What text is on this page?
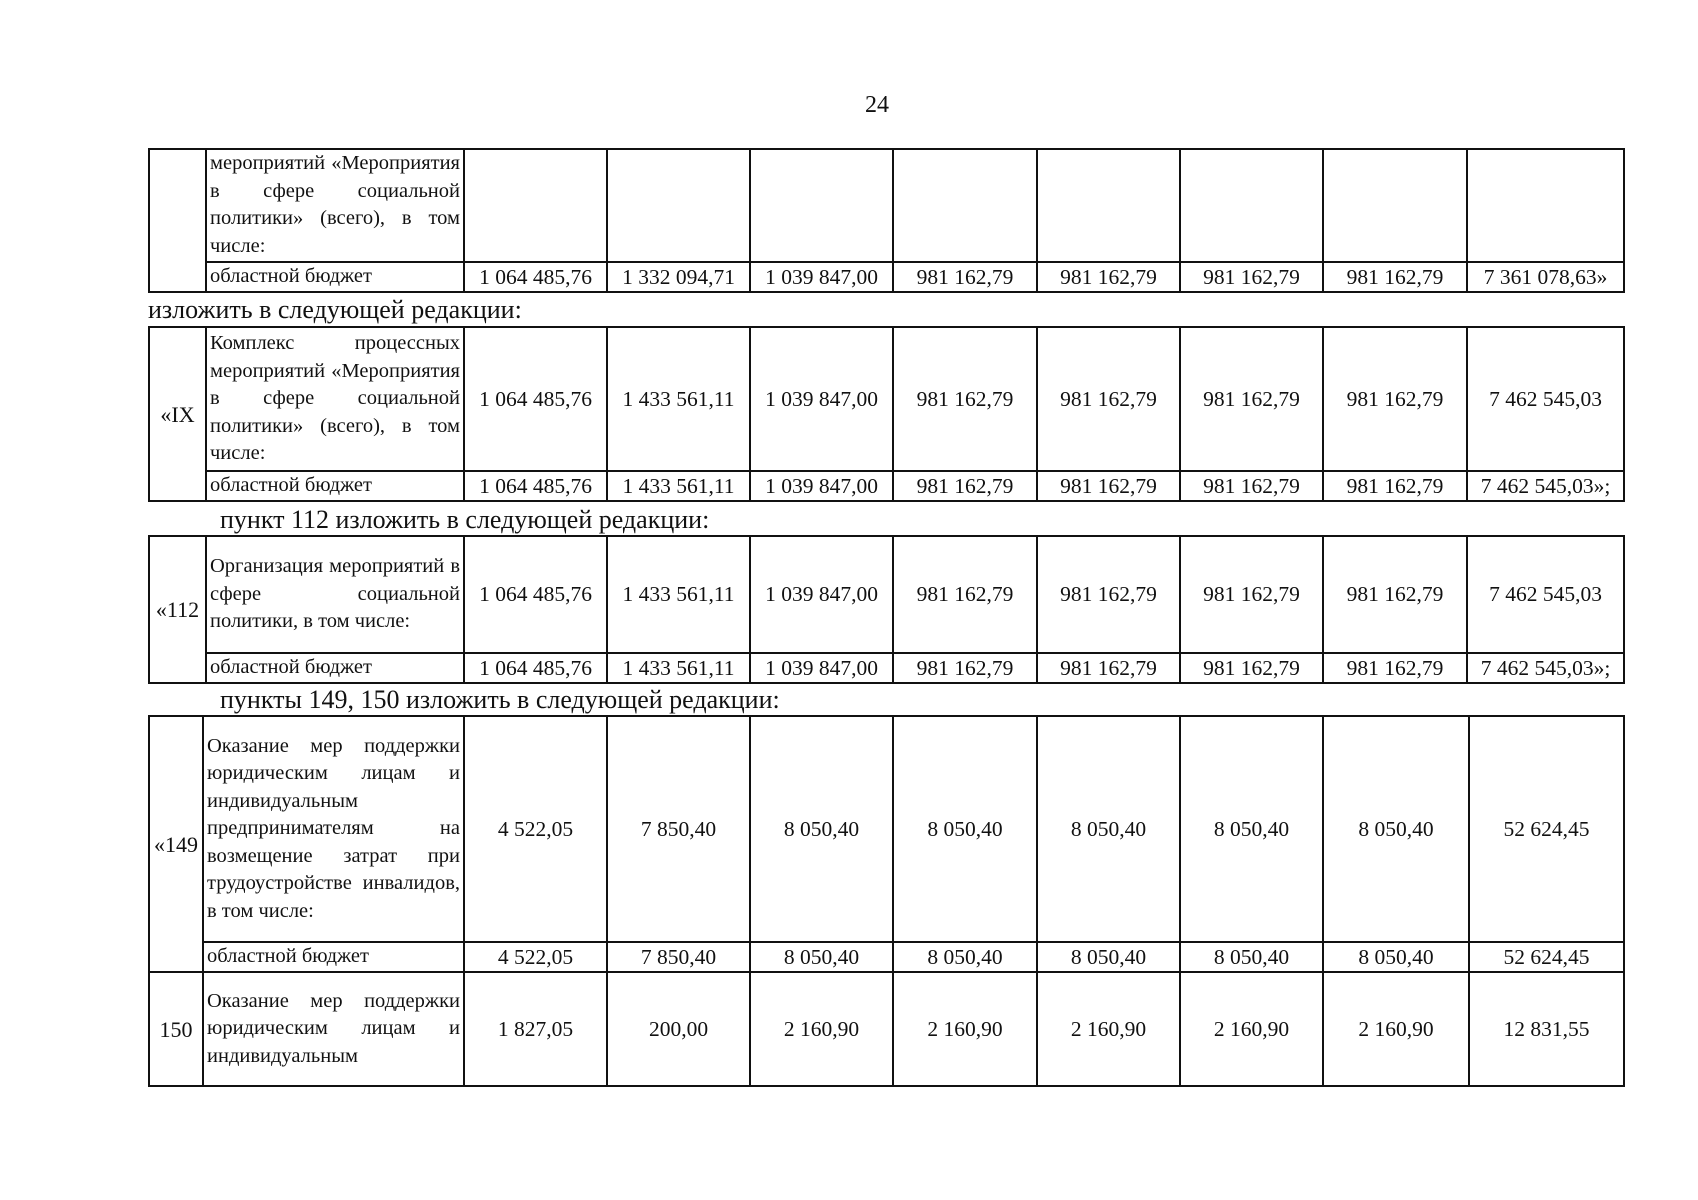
24
	мероприятий «Мероприятия в сфере социальной политики» (всего), в том числе:								
	областной бюджет	1 064 485,76	1 332 094,71	1 039 847,00	981 162,79	981 162,79	981 162,79	981 162,79	7 361 078,63»
изложить в следующей редакции:
«IX	Комплекс процессных мероприятий «Мероприятия в сфере социальной политики» (всего), в том числе:	1 064 485,76	1 433 561,11	1 039 847,00	981 162,79	981 162,79	981 162,79	981 162,79	7 462 545,03
	областной бюджет	1 064 485,76	1 433 561,11	1 039 847,00	981 162,79	981 162,79	981 162,79	981 162,79	7 462 545,03»;
пункт 112 изложить в следующей редакции:
«112	Организация мероприятий в сфере социальной политики, в том числе:	1 064 485,76	1 433 561,11	1 039 847,00	981 162,79	981 162,79	981 162,79	981 162,79	7 462 545,03
	областной бюджет	1 064 485,76	1 433 561,11	1 039 847,00	981 162,79	981 162,79	981 162,79	981 162,79	7 462 545,03»;
пункты 149, 150 изложить в следующей редакции:
«149	Оказание мер поддержки юридическим лицам и индивидуальным предпринимателям на возмещение затрат при трудоустройстве инвалидов, в том числе:	4 522,05	7 850,40	8 050,40	8 050,40	8 050,40	8 050,40	8 050,40	52 624,45
	областной бюджет	4 522,05	7 850,40	8 050,40	8 050,40	8 050,40	8 050,40	8 050,40	52 624,45
150	Оказание мер поддержки юридическим лицам и индивидуальным	1 827,05	200,00	2 160,90	2 160,90	2 160,90	2 160,90	2 160,90	12 831,55
